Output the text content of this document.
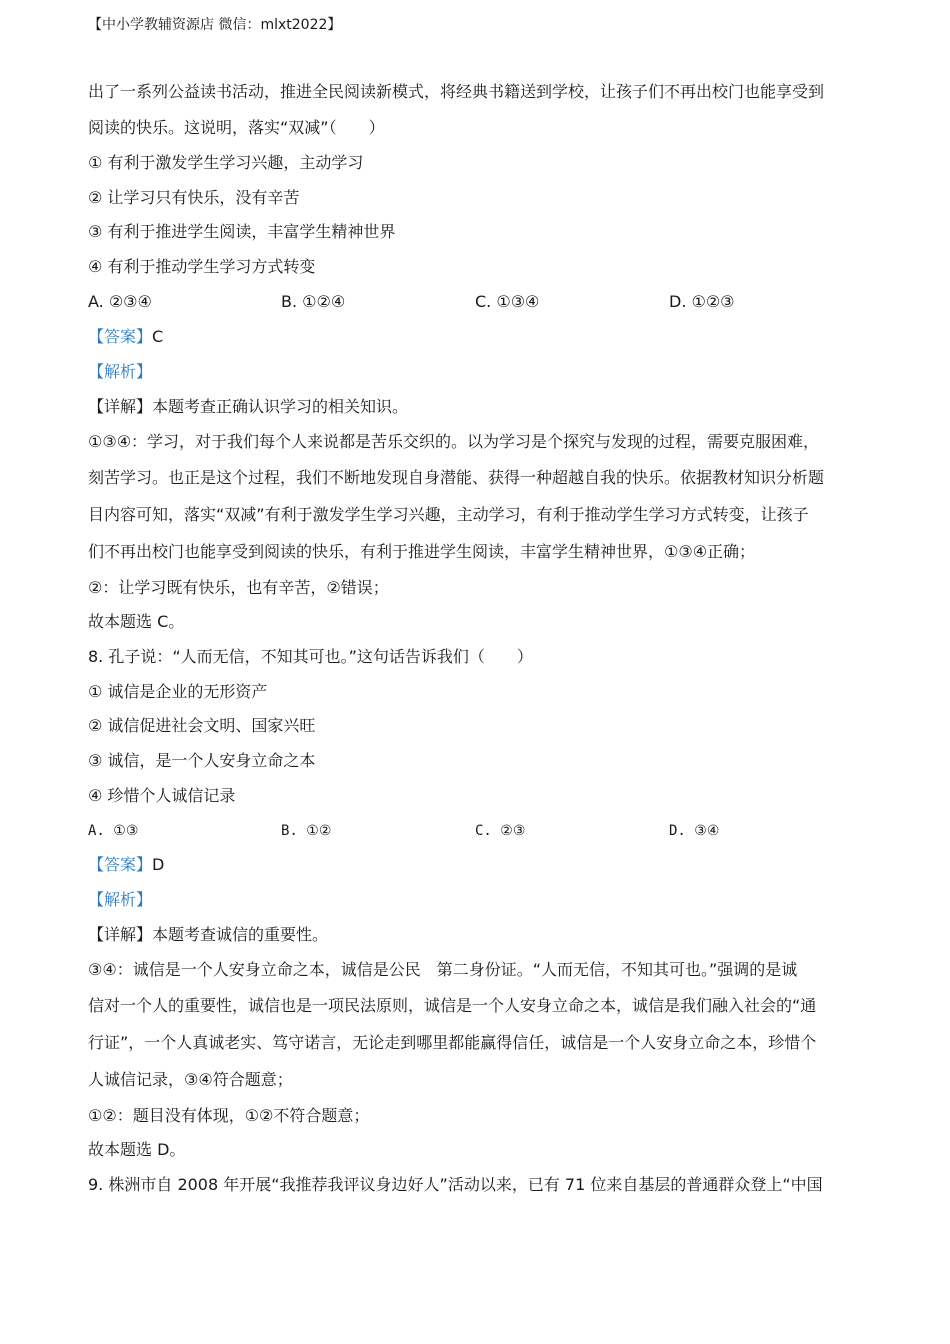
【中小学教辅资源店 微信：mlxt2022】
出了一系列公益读书活动，推进全民阅读新模式，将经典书籍送到学校，让孩子们不再出校门也能享受到
阅读的快乐。这说明，落实“双减”（　　）
① 有利于激发学生学习兴趣，主动学习
② 让学习只有快乐，没有辛苦
③ 有利于推进学生阅读，丰富学生精神世界
④ 有利于推动学生学习方式转变
A. ②③④	B. ①②④	C. ①③④	D. ①②③
【答案】C
【解析】
【详解】本题考查正确认识学习的相关知识。
①③④：学习，对于我们每个人来说都是苦乐交织的。以为学习是个探究与发现的过程，需要克服困难，
刻苦学习。也正是这个过程，我们不断地发现自身潜能、获得一种超越自我的快乐。依据教材知识分析题
目内容可知，落实“双减”有利于激发学生学习兴趣，主动学习，有利于推动学生学习方式转变，让孩子
们不再出校门也能享受到阅读的快乐，有利于推进学生阅读，丰富学生精神世界，①③④正确；
②：让学习既有快乐，也有辛苦，②错误；
故本题选 C。
8. 孔子说：“人而无信，不知其可也。”这句话告诉我们（　　）
① 诚信是企业的无形资产
② 诚信促进社会文明、国家兴旺
③ 诚信，是一个人安身立命之本
④ 珍惜个人诚信记录
A. ①③	B. ①②	C. ②③	D. ③④
【答案】D
【解析】
【详解】本题考查诚信的重要性。
③④：诚信是一个人安身立命之本，诚信是公民　第二身份证。“人而无信，不知其可也。”强调的是诚
信对一个人的重要性，诚信也是一项民法原则，诚信是一个人安身立命之本，诚信是我们融入社会的“通
行证”，一个人真诚老实、笃守诺言，无论走到哪里都能赢得信任，诚信是一个人安身立命之本，珍惜个
人诚信记录，③④符合题意；
①②：题目没有体现，①②不符合题意；
故本题选 D。
9. 株洲市自 2008 年开展“我推荐我评议身边好人”活动以来，已有 71 位来自基层的普通群众登上“中国
